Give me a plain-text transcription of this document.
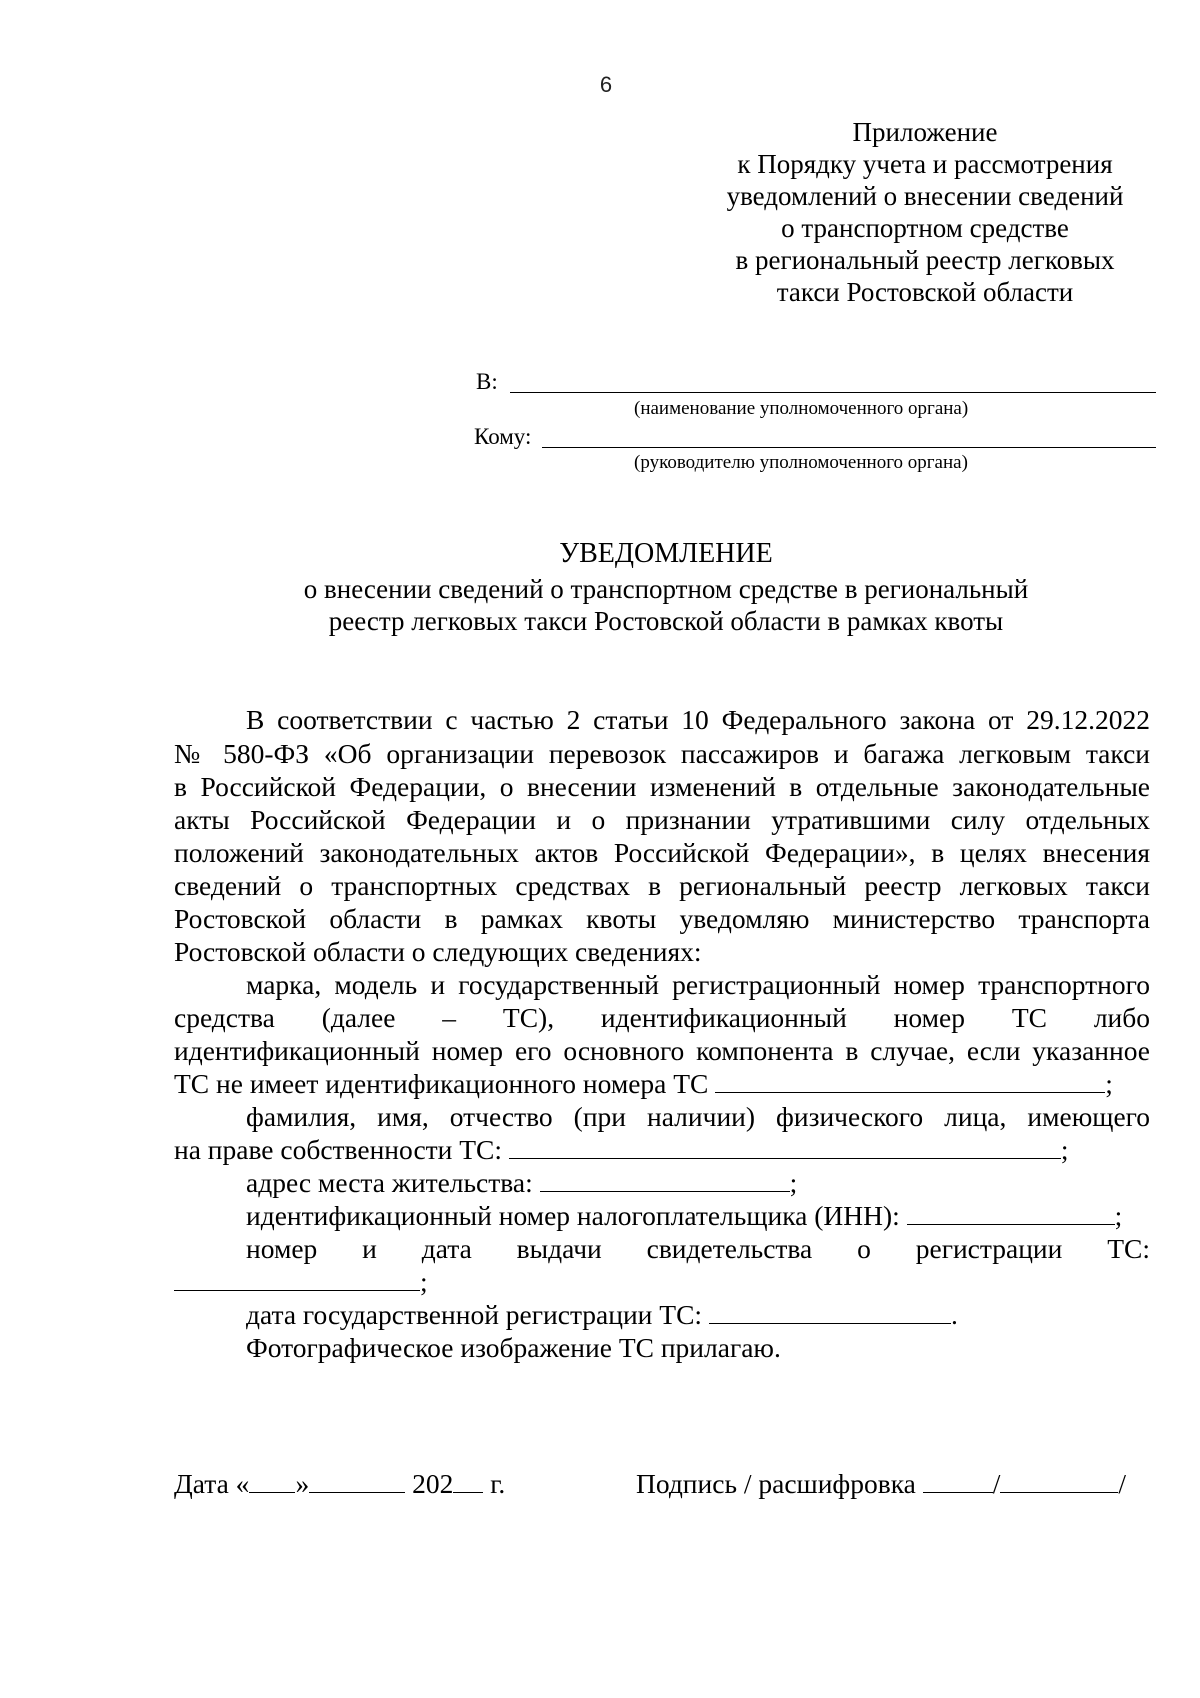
6
Приложение
к Порядку учета и рассмотрения
уведомлений о внесении сведений
о транспортном средстве
в региональный реестр легковых
такси Ростовской области
В:
(наименование уполномоченного органа)
Кому:
(руководителю уполномоченного органа)
УВЕДОМЛЕНИЕ
о внесении сведений о транспортном средстве в региональный
реестр легковых такси Ростовской области в рамках квоты
В соответствии с частью 2 статьи 10 Федерального закона от 29.12.2022
№ 580-ФЗ «Об организации перевозок пассажиров и багажа легковым такси
в Российской Федерации, о внесении изменений в отдельные законодательные
акты Российской Федерации и о признании утратившими силу отдельных
положений законодательных актов Российской Федерации», в целях внесения
сведений о транспортных средствах в региональный реестр легковых такси
Ростовской области в рамках квоты уведомляю министерство транспорта
Ростовской области о следующих сведениях:
марка, модель и государственный регистрационный номер транспортного
средства (далее – ТС), идентификационный номер ТС либо
идентификационный номер его основного компонента в случае, если указанное
ТС не имеет идентификационного номера ТС	;
фамилия, имя, отчество (при наличии) физического лица, имеющего
на праве собственности ТС:	;
адрес места жительства:	;
идентификационный номер налогоплательщика (ИНН):	;
номер и дата выдачи свидетельства о регистрации ТС:
;
дата государственной регистрации ТС:	.
Фотографическое изображение ТС прилагаю.
Дата « »	202 г.	Подпись / расшифровка	/	/
